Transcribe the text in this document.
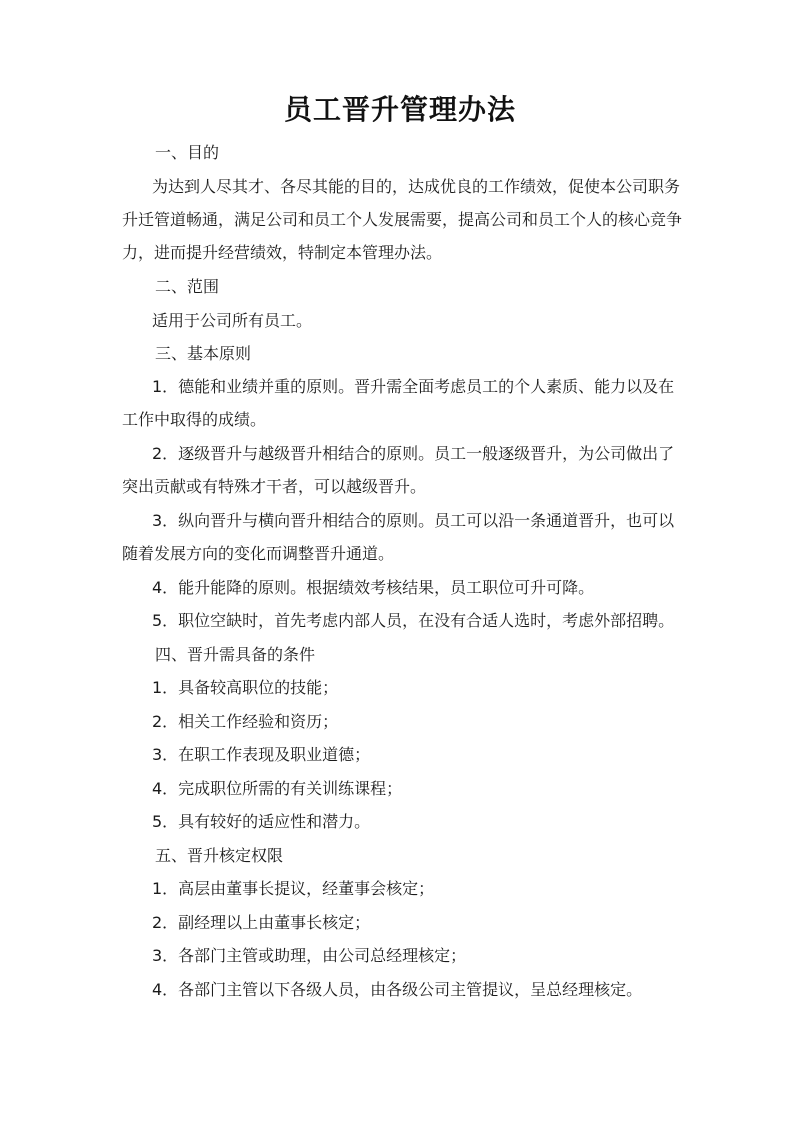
员工晋升管理办法
一、目的
为达到人尽其才、各尽其能的目的，达成优良的工作绩效，促使本公司职务
升迁管道畅通，满足公司和员工个人发展需要，提高公司和员工个人的核心竞争
力，进而提升经营绩效，特制定本管理办法。
二、范围
适用于公司所有员工。
三、基本原则
1．德能和业绩并重的原则。晋升需全面考虑员工的个人素质、能力以及在
工作中取得的成绩。
2．逐级晋升与越级晋升相结合的原则。员工一般逐级晋升，为公司做出了
突出贡献或有特殊才干者，可以越级晋升。
3．纵向晋升与横向晋升相结合的原则。员工可以沿一条通道晋升，也可以
随着发展方向的变化而调整晋升通道。
4．能升能降的原则。根据绩效考核结果，员工职位可升可降。
5．职位空缺时，首先考虑内部人员，在没有合适人选时，考虑外部招聘。
四、晋升需具备的条件
1．具备较高职位的技能；
2．相关工作经验和资历；
3．在职工作表现及职业道德；
4．完成职位所需的有关训练课程；
5．具有较好的适应性和潜力。
五、晋升核定权限
1．高层由董事长提议，经董事会核定；
2．副经理以上由董事长核定；
3．各部门主管或助理，由公司总经理核定；
4．各部门主管以下各级人员，由各级公司主管提议，呈总经理核定。
